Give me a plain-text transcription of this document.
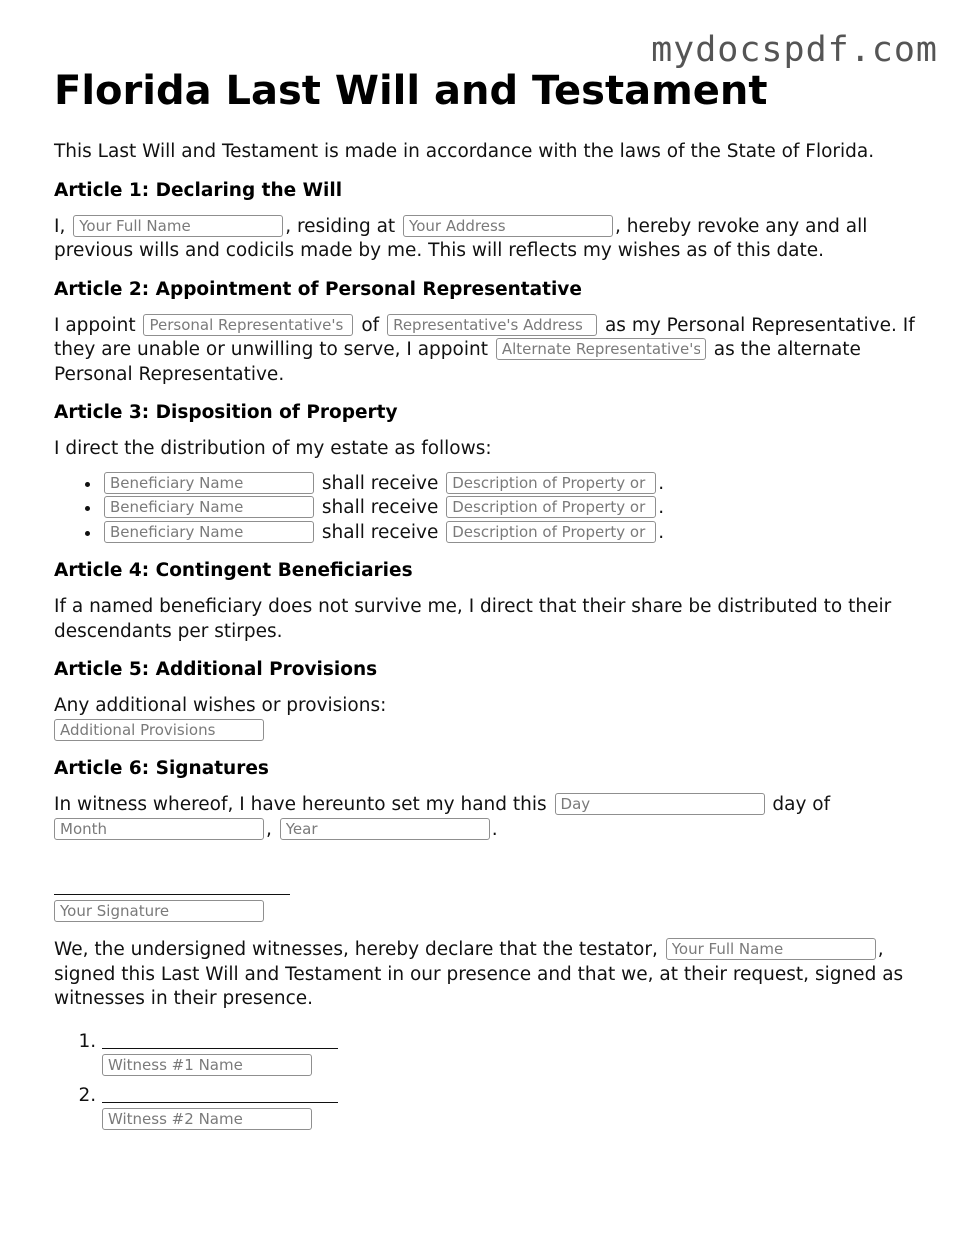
mydocspdf.com
Florida Last Will and Testament

This Last Will and Testament is made in accordance with the laws of the State of Florida.

Article 1: Declaring the Will

I, Your Full Name	, residing at Your Address	, hereby revoke any and all previous wills and codicils made by me. This will reflects my wishes as of this date.

Article 2: Appointment of Personal Representative

I appoint Personal Representative's	of Representative's Address	as my Personal Representative. If they are unable or unwilling to serve, I appoint Alternate Representative's	as the alternate Personal Representative.

Article 3: Disposition of Property

I direct the distribution of my estate as follows:

Beneficiary Name • shall receive Description of Property or	.
Beneficiary Name • shall receive Description of Property or	.
Beneficiary Name • shall receive Description of Property or	.
Article 4: Contingent Beneficiaries

If a named beneficiary does not survive me, I direct that their share be distributed to their descendants per stirpes.

Article 5: Additional Provisions

Any additional wishes or provisions:
Additional Provisions

Article 6: Signatures

In witness whereof, I have hereunto set my hand this Day	day of
Month, Year	.

Your Signature

We, the undersigned witnesses, hereby declare that the testator, Your Full Name	, signed this Last Will and Testament in our presence and that we, at their request, signed as witnesses in their presence.

1.
Witness #1 Name
2.
Witness #2 Name
